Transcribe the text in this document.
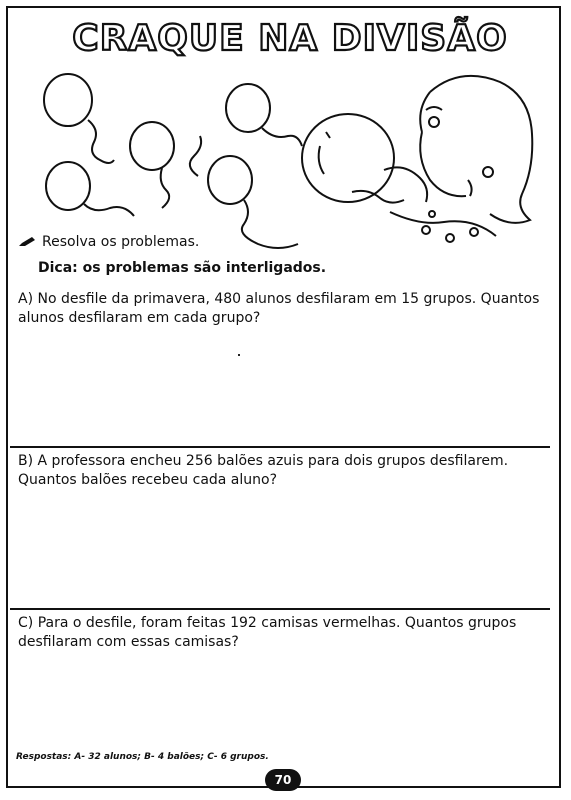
CRAQUE NA DIVISÃO
Resolva os problemas.
Dica: os problemas são interligados.
A) No desfile da primavera, 480 alunos desfilaram em 15 grupos. Quantos alunos desfilaram em cada grupo?
B) A professora encheu 256 balões azuis para dois grupos desfilarem. Quantos balões recebeu cada aluno?
C) Para o desfile, foram feitas 192 camisas vermelhas. Quantos grupos desfilaram com essas camisas?
Respostas: A- 32 alunos; B- 4 balões; C- 6 grupos.
70
